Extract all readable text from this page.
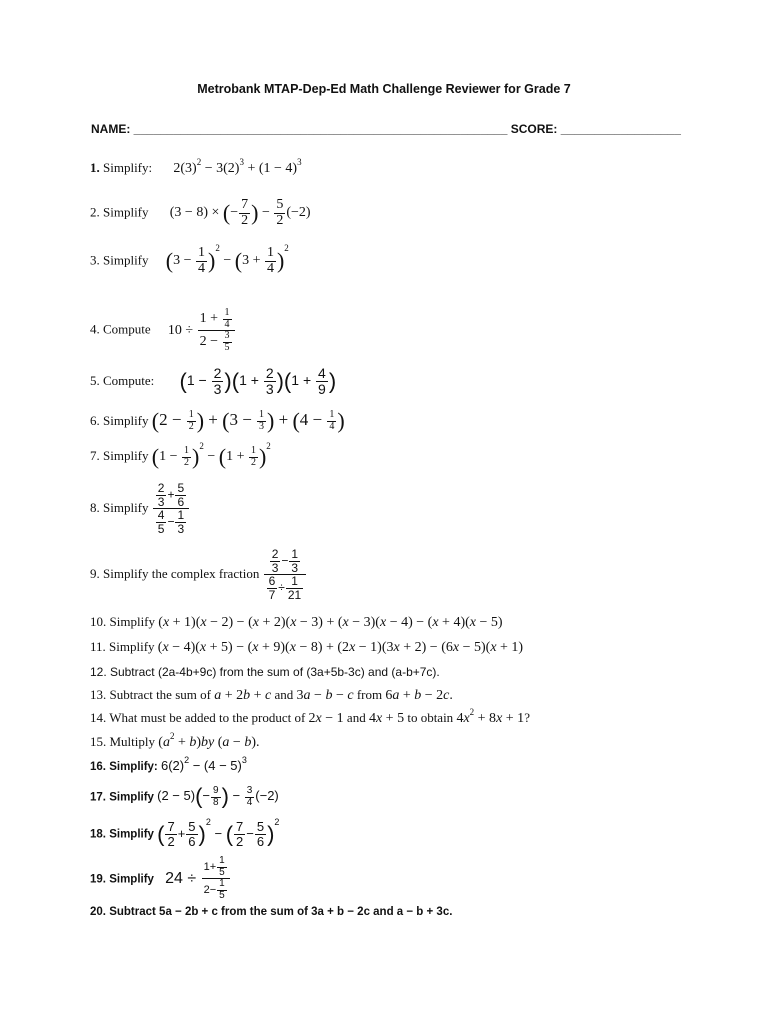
Metrobank MTAP-Dep-Ed Math Challenge Reviewer for Grade 7
NAME: ________________________________________________________ SCORE: __________________
1. Simplify: $2(3)^2 - 3(2)^3 + (1 - 4)^3$
2. Simplify (3 − 8) × (− $\frac{7}{2}$ ) − $\frac{5}{2} (-2)$
3. Simplify $(3 - \frac{1}{4} )^2 - (3 + \frac{1}{4} )^2$
4. Compute $10 \div \frac{1 + \frac{1}{4}}{2 - \frac{3}{5}}$
5. Compute: $(1 - \frac{2}{3} )(1 + \frac{2}{3} )(1 + \frac{4}{9}$ )
6. Simplify ($2 - \frac{1}{2}$ ) + ($3 - \frac{1}{3}$ ) + ($4 - \frac{1}{4}$ )
7. Simplify $(1 - \frac{1}{2} )^2 - (1 + \frac{1}{2} )^2$
8. Simplify $\frac{\frac{2}{3} + \frac{5}{6}}{\frac{4}{5} - \frac{1}{3}}$
9. Simplify the complex fraction $\frac{\frac{2}{3} - \frac{1}{3}}{\frac{6}{7} \div \frac{1}{21}}$
10. Simplify (x + 1)(x − 2) − (x + 2)(x − 3) + (x − 3)(x − 4) − (x + 4)(x − 5)
11. Simplify (x − 4)(x + 5) − (x + 9)(x − 8) + (2x − 1)(3x + 2) − (6x − 5)(x + 1)
12. Subtract (2a-4b+9c) from the sum of (3a+5b-3c) and (a-b+7c).
13. Subtract the sum of a + 2b + c and 3a − b − c from 6a + b − 2c.
14. What must be added to the product of 2x − 1 and 4x + 5 to obtain $4x^2 + 8x + 1$?
15. Multiply $(a^2 + b)by$ (a − b).
16. Simplify: $6(2)^2 - (4 - 5)^3$
17. Simplify $(2 - 5)(- \frac{9}{8}$ ) − $\frac{3}{4} (-2)$
18. Simplify ( $\frac{7}{2} + \frac{5}{6} )^2$ − ( $\frac{7}{2} - \frac{5}{6} )^2$
19. Simplify $24 \div \frac{1+ \frac{1}{5}}{2- \frac{1}{5}}$
20. Subtract 5a − 2b + c from the sum of 3a + b − 2c and a − b + 3c.
